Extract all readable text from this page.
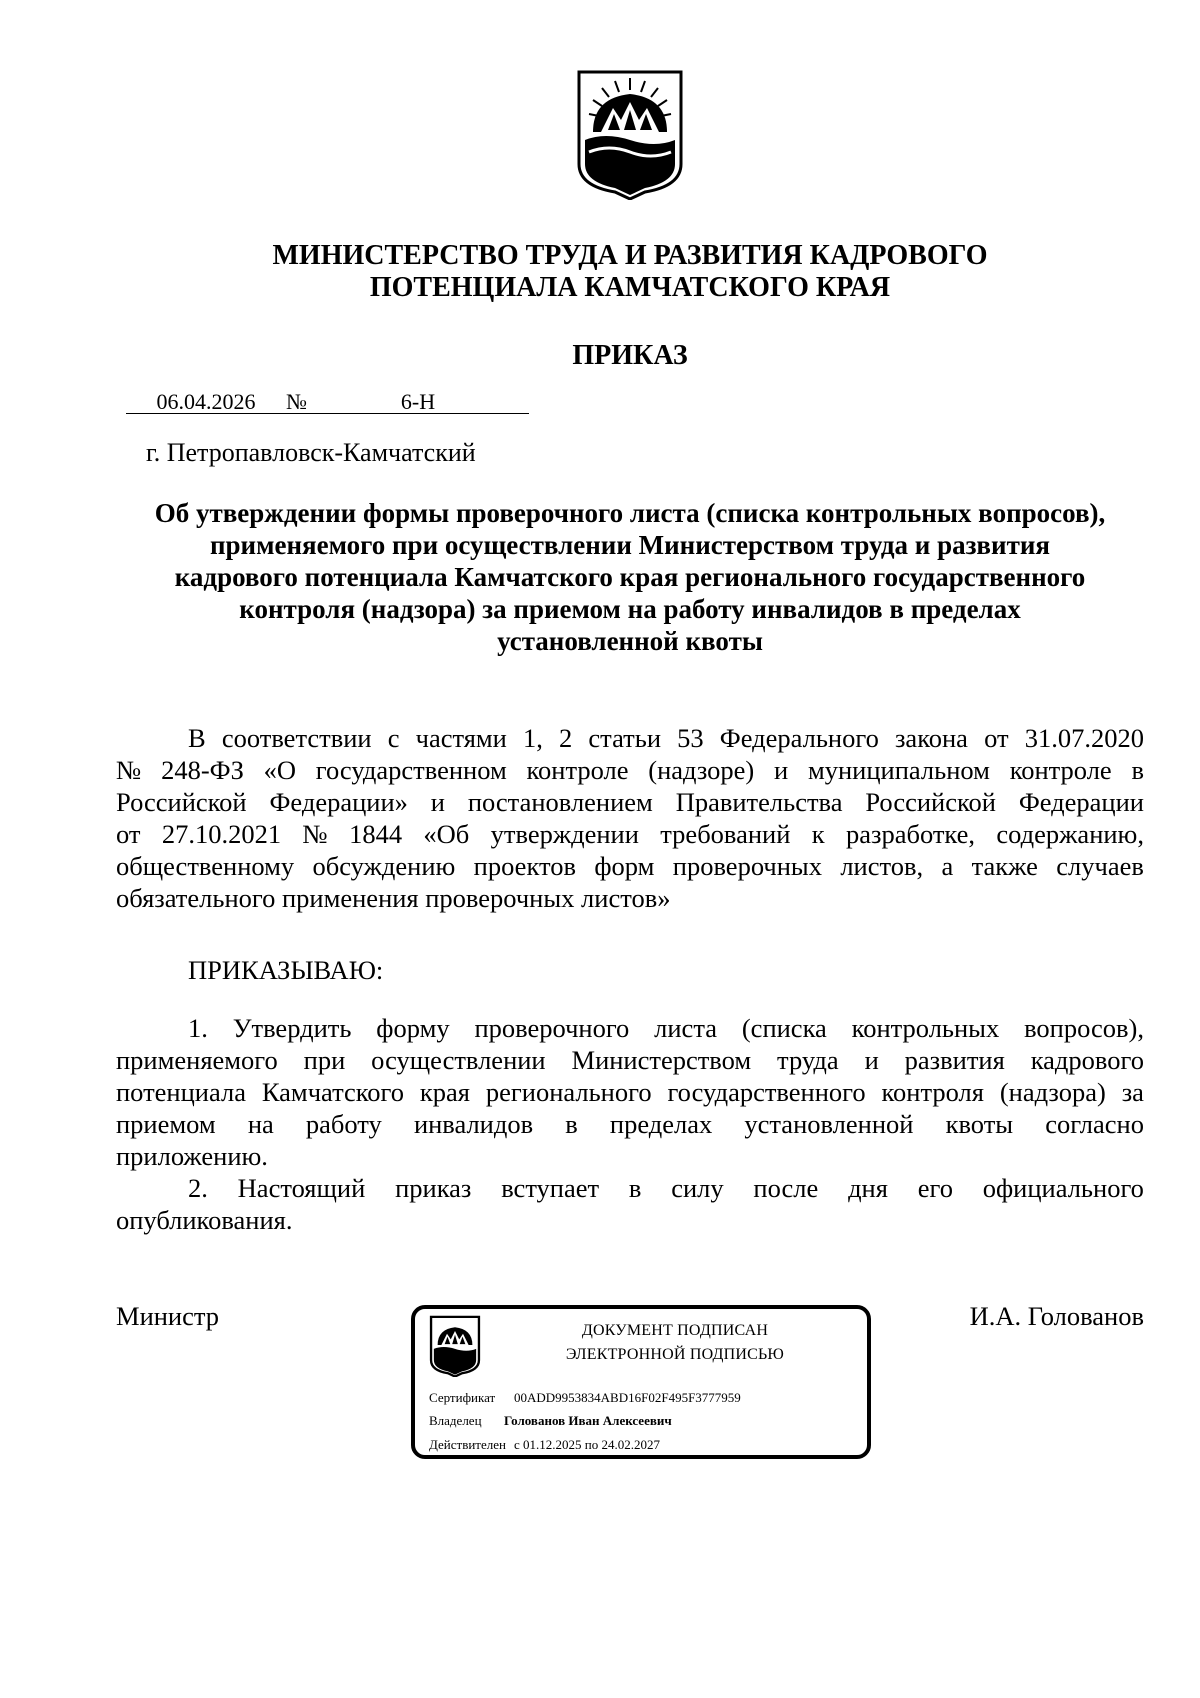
МИНИСТЕРСТВО ТРУДА И РАЗВИТИЯ КАДРОВОГО
ПОТЕНЦИАЛА КАМЧАТСКОГО КРАЯ
ПРИКАЗ
06.04.2026 №	6-Н
г. Петропавловск-Камчатский
Об утверждении формы проверочного листа (списка контрольных вопросов),
применяемого при осуществлении Министерством труда и развития
кадрового потенциала Камчатского края регионального государственного
контроля (надзора) за приемом на работу инвалидов в пределах
установленной квоты
В соответствии с частями 1, 2 статьи 53 Федерального закона от 31.07.2020
№ 248-ФЗ «О государственном контроле (надзоре) и муниципальном контроле в
Российской Федерации» и постановлением Правительства Российской Федерации
от 27.10.2021 № 1844 «Об утверждении требований к разработке, содержанию,
общественному обсуждению проектов форм проверочных листов, а также случаев
обязательного применения проверочных листов»
ПРИКАЗЫВАЮ:
1. Утвердить форму проверочного листа (списка контрольных вопросов),
применяемого при осуществлении Министерством труда и развития кадрового
потенциала Камчатского края регионального государственного контроля (надзора) за
приемом на работу инвалидов в пределах установленной квоты согласно
приложению.
2. Настоящий приказ вступает в силу после дня его официального
опубликования.
Министр	И.А. Голованов
ДОКУМЕНТ ПОДПИСАН
ЭЛЕКТРОННОЙ ПОДПИСЬЮ
Сертификат 00ADD9953834ABD16F02F495F3777959
Владелец Голованов Иван Алексеевич
Действителен с 01.12.2025 по 24.02.2027
